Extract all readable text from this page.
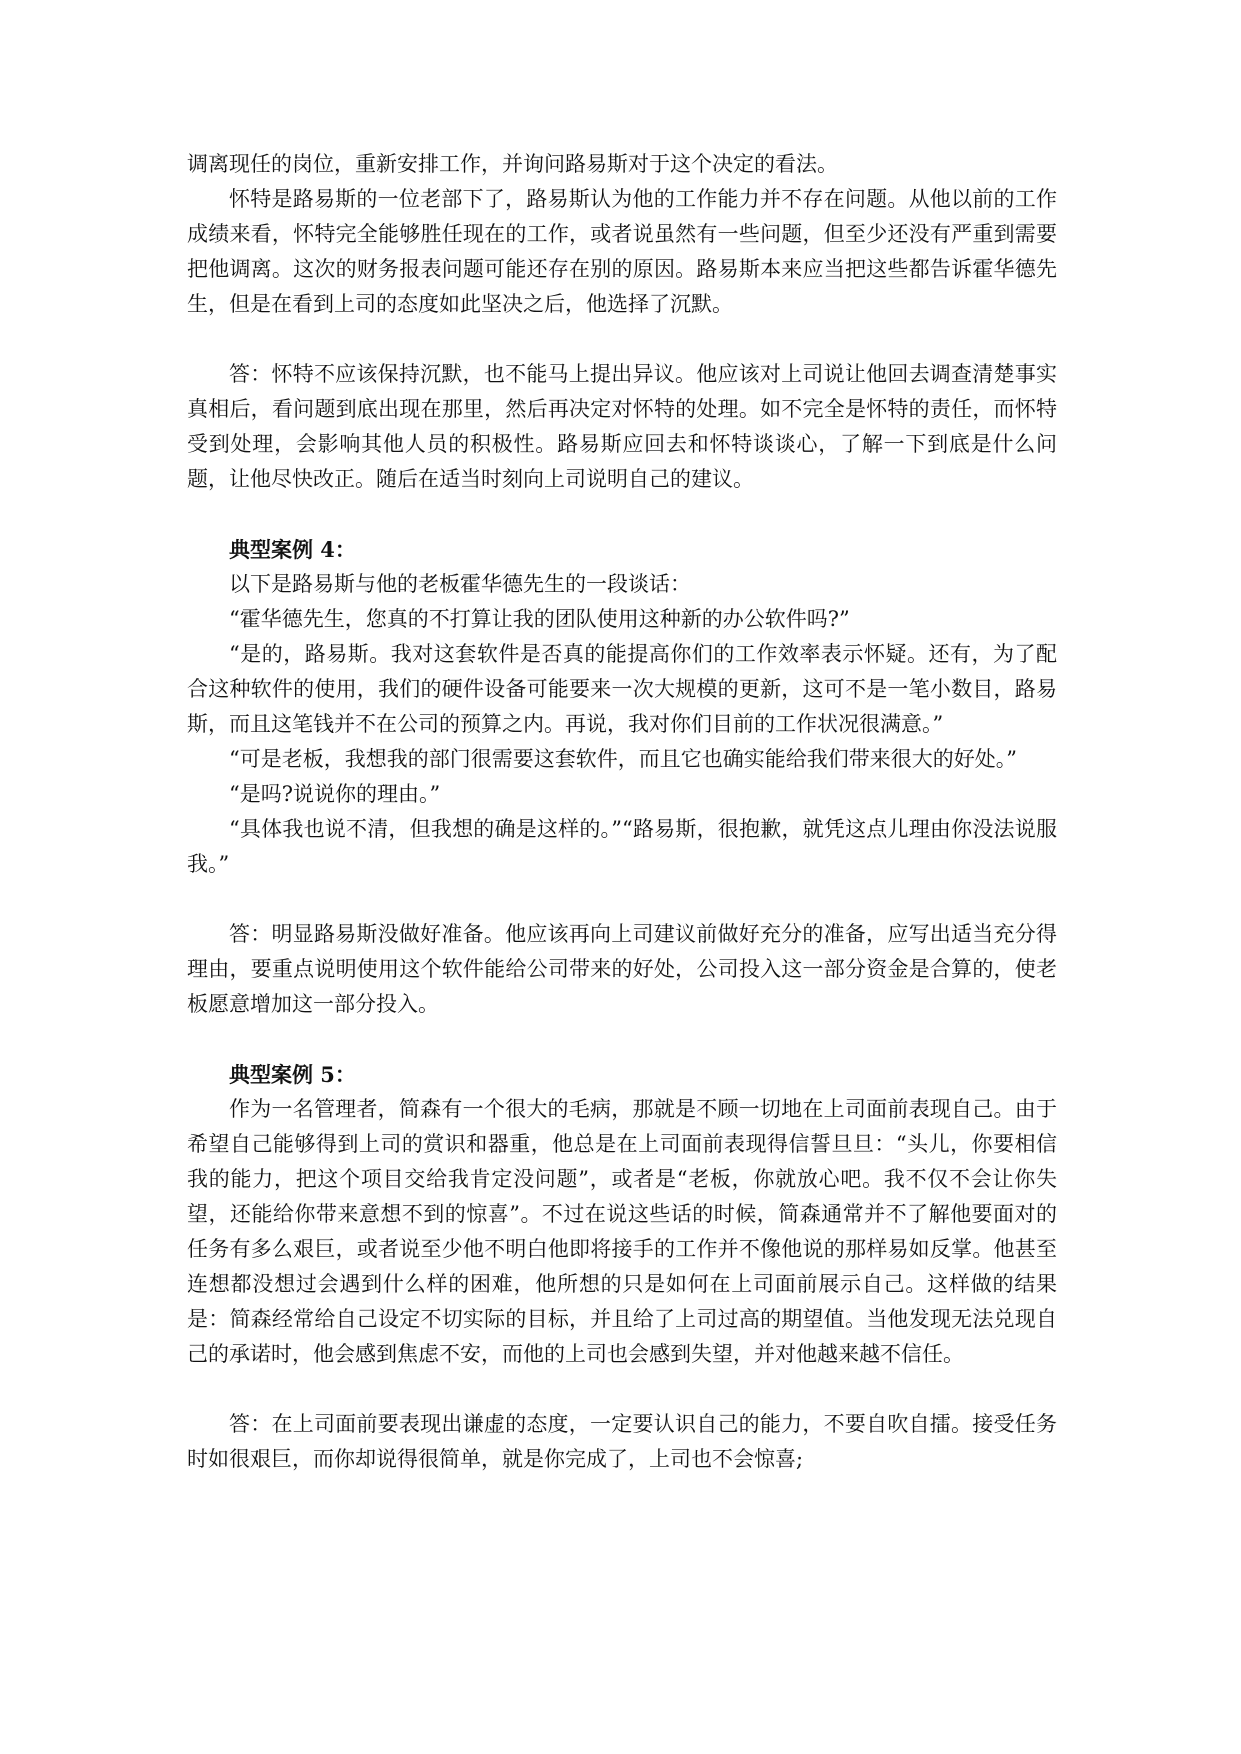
调离现任的岗位，重新安排工作，并询问路易斯对于这个决定的看法。

怀特是路易斯的一位老部下了，路易斯认为他的工作能力并不存在问题。从他以前的工作成绩来看，怀特完全能够胜任现在的工作，或者说虽然有一些问题，但至少还没有严重到需要把他调离。这次的财务报表问题可能还存在别的原因。路易斯本来应当把这些都告诉霍华德先生，但是在看到上司的态度如此坚决之后，他选择了沉默。

答：怀特不应该保持沉默，也不能马上提出异议。他应该对上司说让他回去调查清楚事实真相后，看问题到底出现在那里，然后再决定对怀特的处理。如不完全是怀特的责任，而怀特受到处理，会影响其他人员的积极性。路易斯应回去和怀特谈谈心，了解一下到底是什么问题，让他尽快改正。随后在适当时刻向上司说明自己的建议。

典型案例 4：

以下是路易斯与他的老板霍华德先生的一段谈话：

“霍华德先生，您真的不打算让我的团队使用这种新的办公软件吗?”

“是的，路易斯。我对这套软件是否真的能提高你们的工作效率表示怀疑。还有，为了配合这种软件的使用，我们的硬件设备可能要来一次大规模的更新，这可不是一笔小数目，路易斯，而且这笔钱并不在公司的预算之内。再说，我对你们目前的工作状况很满意。”

“可是老板，我想我的部门很需要这套软件，而且它也确实能给我们带来很大的好处。”

“是吗?说说你的理由。”

“具体我也说不清，但我想的确是这样的。”“路易斯，很抱歉，就凭这点儿理由你没法说服我。”

答：明显路易斯没做好准备。他应该再向上司建议前做好充分的准备，应写出适当充分得理由，要重点说明使用这个软件能给公司带来的好处，公司投入这一部分资金是合算的，使老板愿意增加这一部分投入。

典型案例 5：

作为一名管理者，简森有一个很大的毛病，那就是不顾一切地在上司面前表现自己。由于希望自己能够得到上司的赏识和器重，他总是在上司面前表现得信誓旦旦：“头儿，你要相信我的能力，把这个项目交给我肯定没问题”，或者是“老板，你就放心吧。我不仅不会让你失望，还能给你带来意想不到的惊喜”。不过在说这些话的时候，简森通常并不了解他要面对的任务有多么艰巨，或者说至少他不明白他即将接手的工作并不像他说的那样易如反掌。他甚至连想都没想过会遇到什么样的困难，他所想的只是如何在上司面前展示自己。这样做的结果是：简森经常给自己设定不切实际的目标，并且给了上司过高的期望值。当他发现无法兑现自己的承诺时，他会感到焦虑不安，而他的上司也会感到失望，并对他越来越不信任。

答：在上司面前要表现出谦虚的态度，一定要认识自己的能力，不要自吹自擂。接受任务时如很艰巨，而你却说得很简单，就是你完成了，上司也不会惊喜;
